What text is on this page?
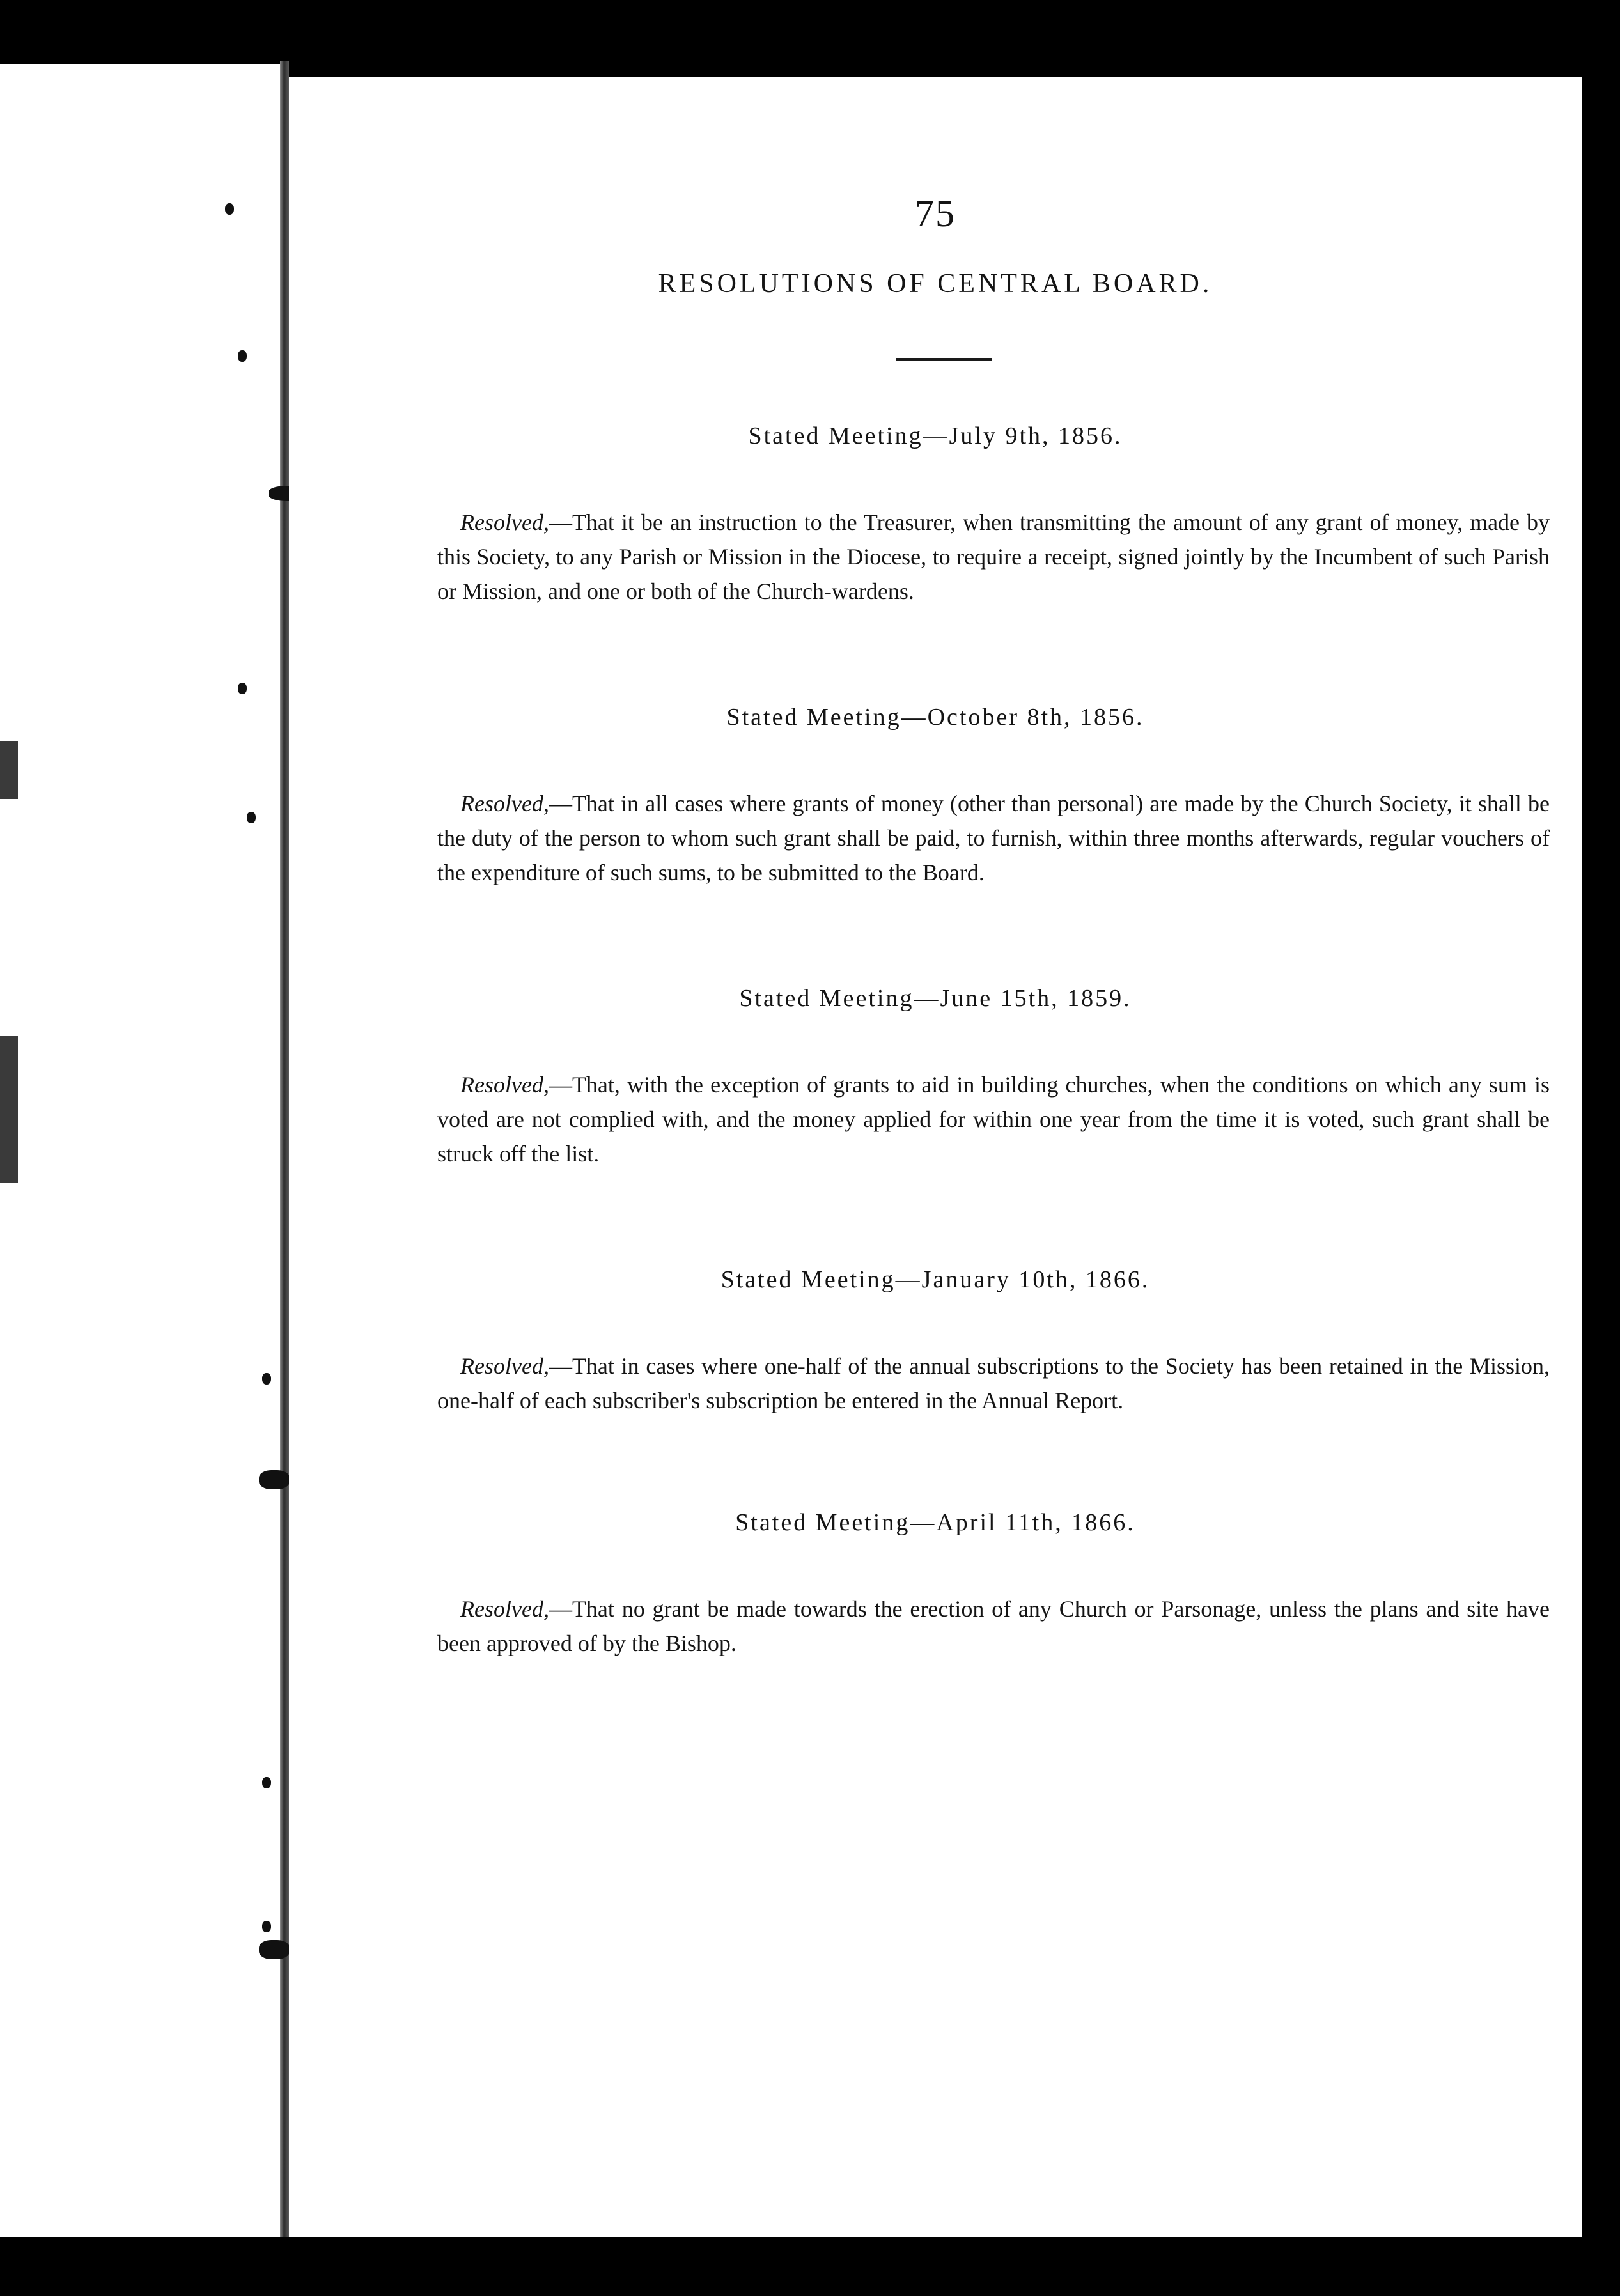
75

RESOLUTIONS OF CENTRAL BOARD.

Stated Meeting—July 9th, 1856.

Resolved,—That it be an instruction to the Treasurer, when transmitting the amount of any grant of money, made by this Society, to any Parish or Mission in the Diocese, to require a receipt, signed jointly by the Incumbent of such Parish or Mission, and one or both of the Church-wardens.

Stated Meeting—October 8th, 1856.

Resolved,—That in all cases where grants of money (other than personal) are made by the Church Society, it shall be the duty of the person to whom such grant shall be paid, to furnish, within three months afterwards, regular vouchers of the expenditure of such sums, to be submitted to the Board.

Stated Meeting—June 15th, 1859.

Resolved,—That, with the exception of grants to aid in building churches, when the conditions on which any sum is voted are not complied with, and the money applied for within one year from the time it is voted, such grant shall be struck off the list.

Stated Meeting—January 10th, 1866.

Resolved,—That in cases where one-half of the annual subscriptions to the Society has been retained in the Mission, one-half of each subscriber's subscription be entered in the Annual Report.

Stated Meeting—April 11th, 1866.

Resolved,—That no grant be made towards the erection of any Church or Parsonage, unless the plans and site have been approved of by the Bishop.
